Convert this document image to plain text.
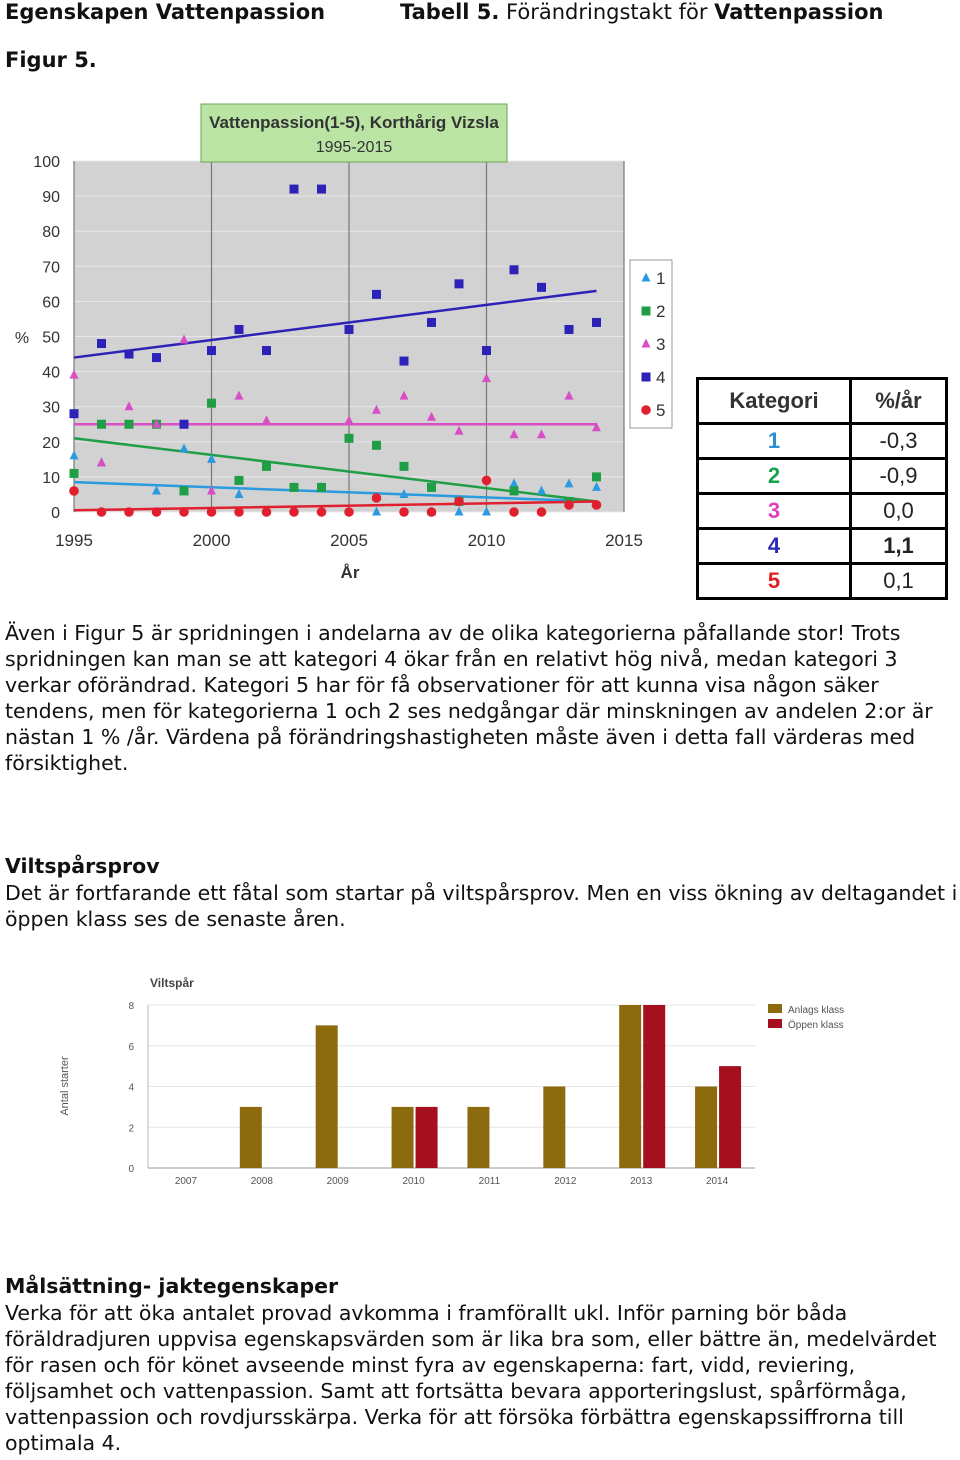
Egenskapen Vattenpassion	Tabell 5. Förändringstakt för Vattenpassion
Figur 5.
0
10
20
30
40
50
60
70
80
90
100
1995	2000	2005	2010	2015
År
%
Vattenpassion(1-5), Korthårig Vizsla
1995-2015
1
2
3
4
5	Kategori	%/år
1	-0,3
2	-0,9
3	0,0
4	1,1
5	0,1
Även i Figur 5 är spridningen i andelarna av de olika kategorierna påfallande stor! Trots spridningen kan man se att kategori 4 ökar från en relativt hög nivå, medan kategori 3 verkar oförändrad. Kategori 5 har för få observationer för att kunna visa någon säker tendens, men för kategorierna 1 och 2 ses nedgångar där minskningen av andelen 2:or är nästan 1 % /år. Värdena på förändringshastigheten måste även i detta fall värderas med försiktighet.
Viltspårsprov
Det är fortfarande ett fåtal som startar på viltspårsprov. Men en viss ökning av deltagandet i öppen klass ses de senaste åren.
Viltspår
Antal starter
0
2
4
6
8
2007	2008	2009	2010	2011	2012	2013	2014
Anlags klass
Öppen klass
Målsättning- jaktegenskaper
Verka för att öka antalet provad avkomma i framförallt ukl. Inför parning bör båda föräldradjuren uppvisa egenskapsvärden som är lika bra som, eller bättre än, medelvärdet för rasen och för könet avseende minst fyra av egenskaperna: fart, vidd, reviering, följsamhet och vattenpassion. Samt att fortsätta bevara apporteringslust, spårförmåga, vattenpassion och rovdjursskärpa. Verka för att försöka förbättra egenskapssiffrorna till optimala 4.
